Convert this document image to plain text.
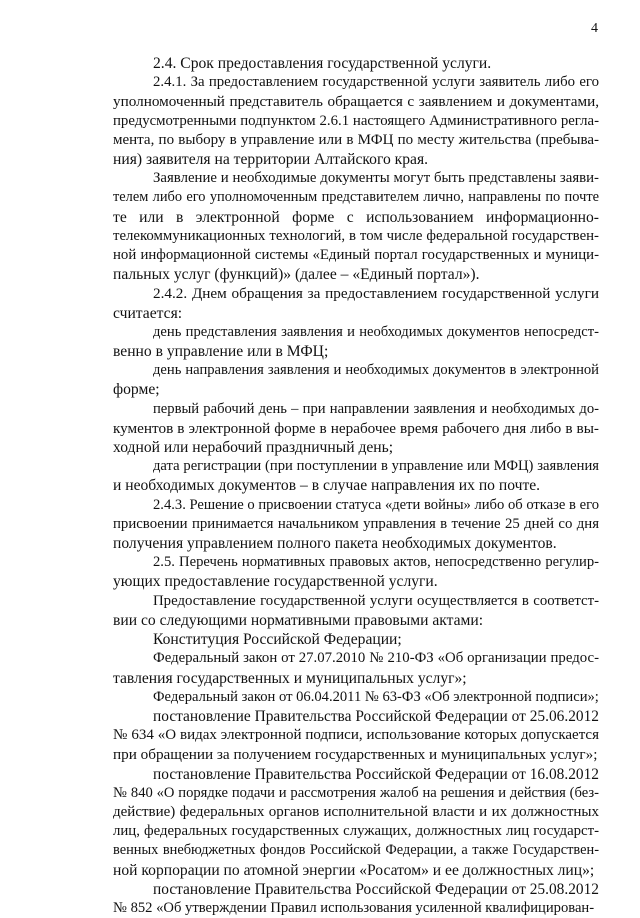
4
2.4. Срок предоставления государственной услуги.
2.4.1. За предоставлением государственной услуги заявитель либо его
уполномоченный представитель обращается с заявлением и документами,
предусмотренными подпунктом 2.6.1 настоящего Административного регла-
мента, по выбору в управление или в МФЦ по месту жительства (пребыва-
ния) заявителя на территории Алтайского края.
Заявление и необходимые документы могут быть представлены заяви-
телем либо его уполномоченным представителем лично, направлены по почте
те или в электронной форме с использованием информационно-
телекоммуникационных технологий, в том числе федеральной государствен-
ной информационной системы «Единый портал государственных и муници-
пальных услуг (функций)» (далее – «Единый портал»).
2.4.2. Днем обращения за предоставлением государственной услуги
считается:
день представления заявления и необходимых документов непосредст-
венно в управление или в МФЦ;
день направления заявления и необходимых документов в электронной
форме;
первый рабочий день – при направлении заявления и необходимых до-
кументов в электронной форме в нерабочее время рабочего дня либо в вы-
ходной или нерабочий праздничный день;
дата регистрации (при поступлении в управление или МФЦ) заявления
и необходимых документов – в случае направления их по почте.
2.4.3. Решение о присвоении статуса «дети войны» либо об отказе в его
присвоении принимается начальником управления в течение 25 дней со дня
получения управлением полного пакета необходимых документов.
2.5. Перечень нормативных правовых актов, непосредственно регулир-
ующих предоставление государственной услуги.
Предоставление государственной услуги осуществляется в соответст-
вии со следующими нормативными правовыми актами:
Конституция Российской Федерации;
Федеральный закон от 27.07.2010 № 210-ФЗ «Об организации предос-
тавления государственных и муниципальных услуг»;
Федеральный закон от 06.04.2011 № 63-ФЗ «Об электронной подписи»;
постановление Правительства Российской Федерации от 25.06.2012
№ 634 «О видах электронной подписи, использование которых допускается
при обращении за получением государственных и муниципальных услуг»;
постановление Правительства Российской Федерации от 16.08.2012
№ 840 «О порядке подачи и рассмотрения жалоб на решения и действия (без-
действие) федеральных органов исполнительной власти и их должностных
лиц, федеральных государственных служащих, должностных лиц государст-
венных внебюджетных фондов Российской Федерации, а также Государствен-
ной корпорации по атомной энергии «Росатом» и ее должностных лиц»;
постановление Правительства Российской Федерации от 25.08.2012
№ 852 «Об утверждении Правил использования усиленной квалифицирован-
